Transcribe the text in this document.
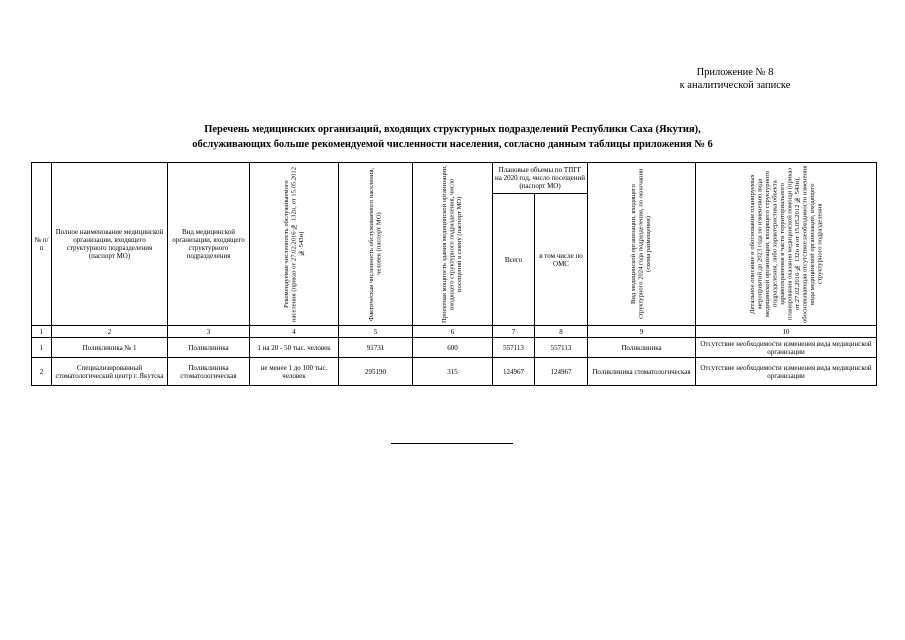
Приложение № 8
к аналитической записке
Перечень медицинских организаций, входящих структурных подразделений Республики Саха (Якутия),
обслуживающих больше рекомендуемой численности населения, согласно данным таблицы приложения № 6
№ п/п	Полное наименование медицинской организации, входящего структурного подразделения (паспорт МО)	Вид медицинской организации, входящего структурного подразделения	Рекомендуемая численность обслуживаемого населения (приказ от 27.02.2016 № 132н, от 15.05.2012 № 543н)	Фактическая численность обслуживаемого населения, человек (паспорт МО)	Проектная мощность здания медицинской организации, входящего структурного подразделения, число посещений в смену (паспорт МО)	Плановые объемы по ТПГГ на 2020 год, число посещений (паспорт МО)		Вид медицинской организации, входящего структурного 2024 года подразделения, по окончании (схема размещения)	Детальное описание и обоснование планируемых мероприятий до 2023 года по изменению вида медицинской организации, входящего структурного подразделения, либо характеристика объекта здравоохранения в части территориального планирования оказания медицинской помощи (приказ от 27.02.2016 № 132н и от 15.05.2012 № 543н), обосновывающая отсутствие необходимости изменения вида медицинской организации, входящего структурного подразделения

						Всего	в том числе по ОМС		
1	2	3	4	5	6	7	8	9	10
1	Поликлиника № 1	Поликлиника	1 на 20 - 50 тыс. человек	91731	600	557113	557113	Поликлиника	Отсутствие необходимости изменения вида медицинской организации
2	Специализированный стоматологический центр г. Якутска	Поликлиника стоматологическая	не менее 1 до 100 тыс. человек	295190	315	124967	124967	Поликлиника стоматологическая	Отсутствие необходимости изменения вида медицинской организации
